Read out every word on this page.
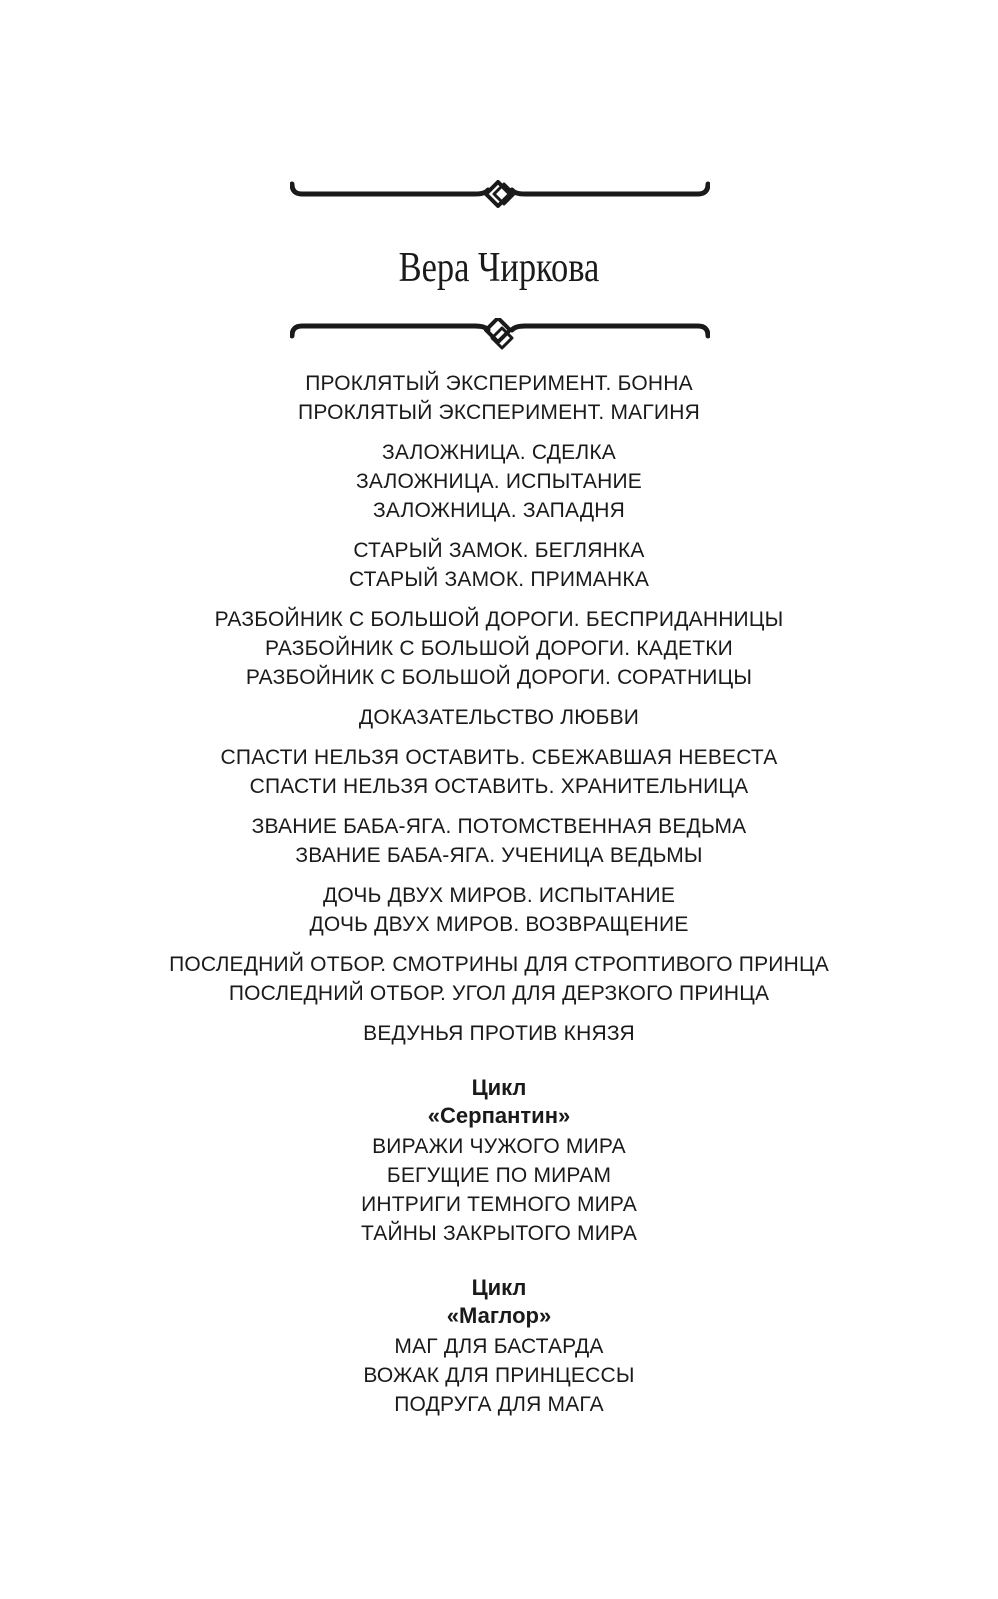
Вера Чиркова
ПРОКЛЯТЫЙ ЭКСПЕРИМЕНТ. БОННА
ПРОКЛЯТЫЙ ЭКСПЕРИМЕНТ. МАГИНЯ
ЗАЛОЖНИЦА. СДЕЛКА
ЗАЛОЖНИЦА. ИСПЫТАНИЕ
ЗАЛОЖНИЦА. ЗАПАДНЯ
СТАРЫЙ ЗАМОК. БЕГЛЯНКА
СТАРЫЙ ЗАМОК. ПРИМАНКА
РАЗБОЙНИК С БОЛЬШОЙ ДОРОГИ. БЕСПРИДАННИЦЫ
РАЗБОЙНИК С БОЛЬШОЙ ДОРОГИ. КАДЕТКИ
РАЗБОЙНИК С БОЛЬШОЙ ДОРОГИ. СОРАТНИЦЫ
ДОКАЗАТЕЛЬСТВО ЛЮБВИ
СПАСТИ НЕЛЬЗЯ ОСТАВИТЬ. СБЕЖАВШАЯ НЕВЕСТА
СПАСТИ НЕЛЬЗЯ ОСТАВИТЬ. ХРАНИТЕЛЬНИЦА
ЗВАНИЕ БАБА-ЯГА. ПОТОМСТВЕННАЯ ВЕДЬМА
ЗВАНИЕ БАБА-ЯГА. УЧЕНИЦА ВЕДЬМЫ
ДОЧЬ ДВУХ МИРОВ. ИСПЫТАНИЕ
ДОЧЬ ДВУХ МИРОВ. ВОЗВРАЩЕНИЕ
ПОСЛЕДНИЙ ОТБОР. СМОТРИНЫ ДЛЯ СТРОПТИВОГО ПРИНЦА
ПОСЛЕДНИЙ ОТБОР. УГОЛ ДЛЯ ДЕРЗКОГО ПРИНЦА
ВЕДУНЬЯ ПРОТИВ КНЯЗЯ
Цикл
«Серпантин»
ВИРАЖИ ЧУЖОГО МИРА
БЕГУЩИЕ ПО МИРАМ
ИНТРИГИ ТЕМНОГО МИРА
ТАЙНЫ ЗАКРЫТОГО МИРА
Цикл
«Маглор»
МАГ ДЛЯ БАСТАРДА
ВОЖАК ДЛЯ ПРИНЦЕССЫ
ПОДРУГА ДЛЯ МАГА
